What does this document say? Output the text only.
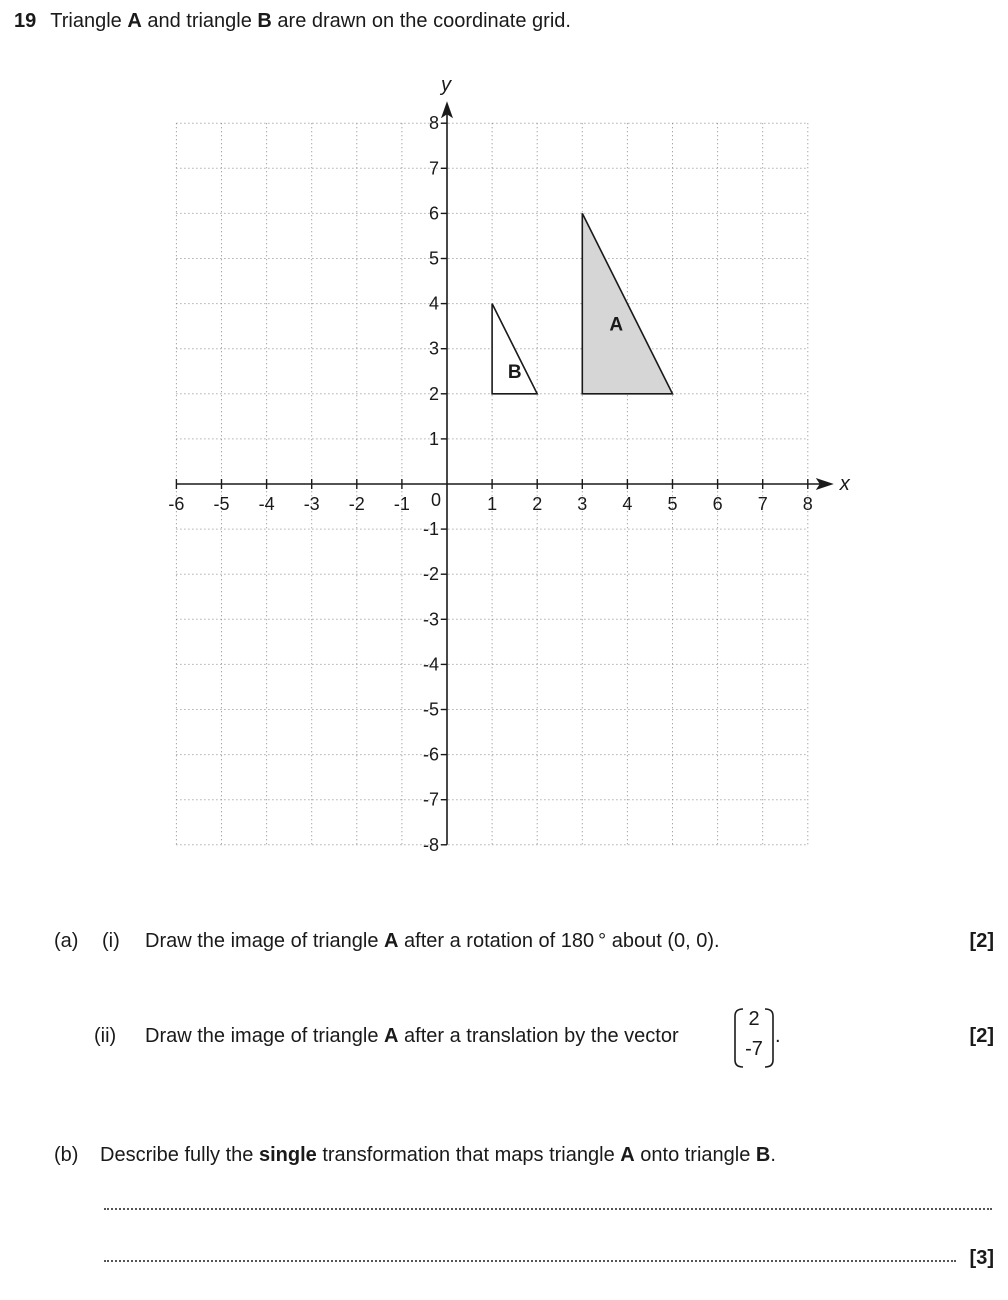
19 Triangle A and triangle B are drawn on the coordinate grid.
x
y
-6 -5 -4 -3 -2 -1	1 2 3 4 5 6 7 8
8
7
6
5
4
3
2
1
-1
-2
-3
-4
-5
-6
-7
-8
0
A
B
(a) (i) Draw the image of triangle A after a rotation of 180 ° about (0, 0).	[2]
(ii) Draw the image of triangle A after a translation by the vector
2
-7
.	[2]
(b) Describe fully the single transformation that maps triangle A onto triangle B.
[3]
